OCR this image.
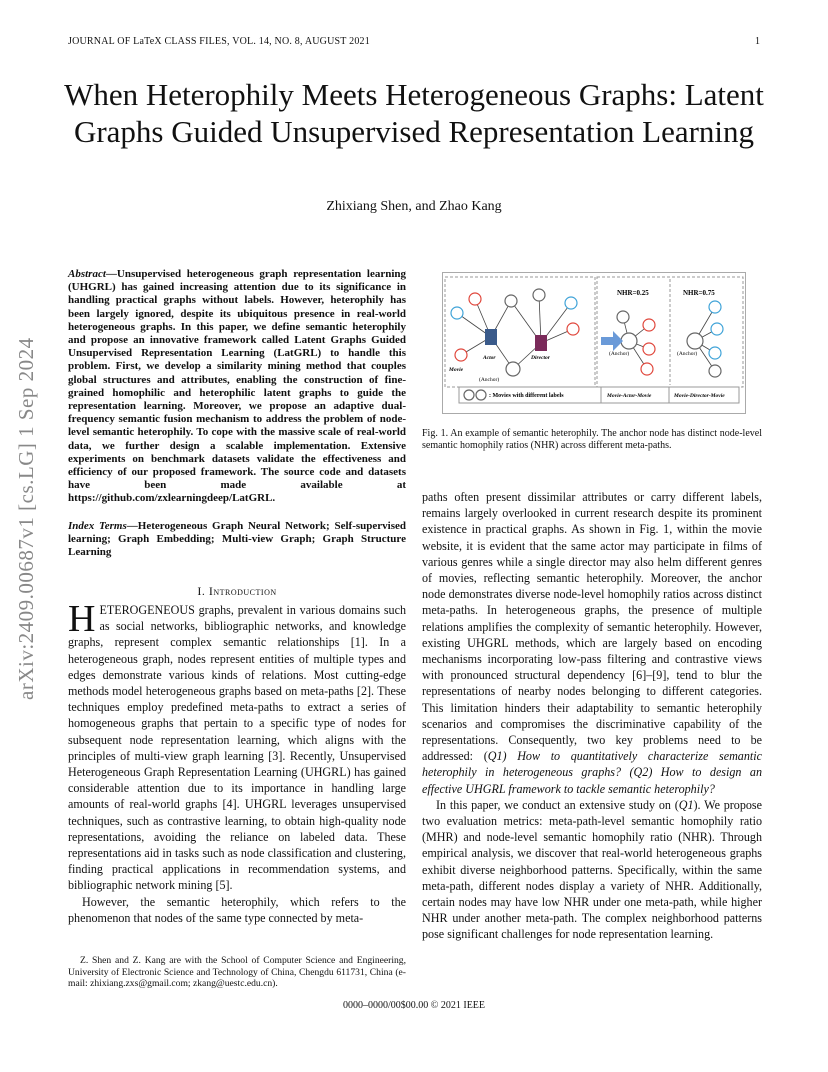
JOURNAL OF LaTeX CLASS FILES, VOL. 14, NO. 8, AUGUST 2021	1
When Heterophily Meets Heterogeneous Graphs: Latent Graphs Guided Unsupervised Representation Learning
Zhixiang Shen, and Zhao Kang
arXiv:2409.00687v1 [cs.LG] 1 Sep 2024
Abstract—Unsupervised heterogeneous graph representation learning (UHGRL) has gained increasing attention due to its significance in handling practical graphs without labels. However, heterophily has been largely ignored, despite its ubiquitous presence in real-world heterogeneous graphs. In this paper, we define semantic heterophily and propose an innovative framework called Latent Graphs Guided Unsupervised Representation Learning (LatGRL) to handle this problem. First, we develop a similarity mining method that couples global structures and attributes, enabling the construction of fine-grained homophilic and heterophilic latent graphs to guide the representation learning. Moreover, we propose an adaptive dual-frequency semantic fusion mechanism to address the problem of node-level semantic heterophily. To cope with the massive scale of real-world data, we further design a scalable implementation. Extensive experiments on benchmark datasets validate the effectiveness and efficiency of our proposed framework. The source code and datasets have been made available at https://github.com/zxlearningdeep/LatGRL.
Index Terms—Heterogeneous Graph Neural Network; Self-supervised learning; Graph Embedding; Multi-view Graph; Graph Structure Learning
I. Introduction

HETEROGENEOUS graphs, prevalent in various domains such as social networks, bibliographic networks, and knowledge graphs, represent complex semantic relationships [1]. In a heterogeneous graph, nodes represent entities of multiple types and edges demonstrate various kinds of relations. Most cutting-edge methods model heterogeneous graphs based on meta-paths [2]. These techniques employ predefined meta-paths to extract a series of homogeneous graphs that pertain to a specific type of nodes for subsequent node representation learning, which aligns with the principles of multi-view graph learning [3]. Recently, Unsupervised Heterogeneous Graph Representation Learning (UHGRL) has gained considerable attention due to its importance in handling large amounts of real-world graphs [4]. UHGRL leverages unsupervised techniques, such as contrastive learning, to obtain high-quality node representations, avoiding the reliance on labeled data. These representations aid in tasks such as node classification and clustering, finding practical applications in recommendation systems, and bibliographic network mining [5].

However, the semantic heterophily, which refers to the phenomenon that nodes of the same type connected by meta-

Z. Shen and Z. Kang are with the School of Computer Science and Engineering, University of Electronic Science and Technology of China, Chengdu 611731, China (e-mail: zhixiang.zxs@gmail.com; zkang@uestc.edu.cn).
0000–0000/00$00.00 © 2021 IEEE
NHR=0.25	NHR=0.75
Actor	Director
Movie
(Anchor)
(Anchor)	(Anchor)
: Movies with different labels	Movie-Actor-Movie	Movie-Director-Movie
Fig. 1. An example of semantic heterophily. The anchor node has distinct node-level semantic homophily ratios (NHR) across different meta-paths.

paths often present dissimilar attributes or carry different labels, remains largely overlooked in current research despite its prominent existence in practical graphs. As shown in Fig. 1, within the movie website, it is evident that the same actor may participate in films of various genres while a single director may also helm different genres of movies, reflecting semantic heterophily. Moreover, the anchor node demonstrates diverse node-level homophily ratios across distinct meta-paths. In heterogeneous graphs, the presence of multiple relations amplifies the complexity of semantic heterophily. However, existing UHGRL methods, which are largely based on encoding mechanisms incorporating low-pass filtering and contrastive views with pronounced structural dependency [6]–[9], tend to blur the representations of nearby nodes belonging to different categories. This limitation hinders their adaptability to semantic heterophily scenarios and compromises the discriminative capability of the representations. Consequently, two key problems need to be addressed: (Q1) How to quantitatively characterize semantic heterophily in heterogeneous graphs? (Q2) How to design an effective UHGRL framework to tackle semantic heterophily?

In this paper, we conduct an extensive study on (Q1). We propose two evaluation metrics: meta-path-level semantic homophily ratio (MHR) and node-level semantic homophily ratio (NHR). Through empirical analysis, we discover that real-world heterogeneous graphs exhibit diverse neighborhood patterns. Specifically, within the same meta-path, different nodes display a variety of NHR. Additionally, certain nodes may have low NHR under one meta-path, while higher NHR under another meta-path. The complex neighborhood patterns pose significant challenges for node representation learning.
